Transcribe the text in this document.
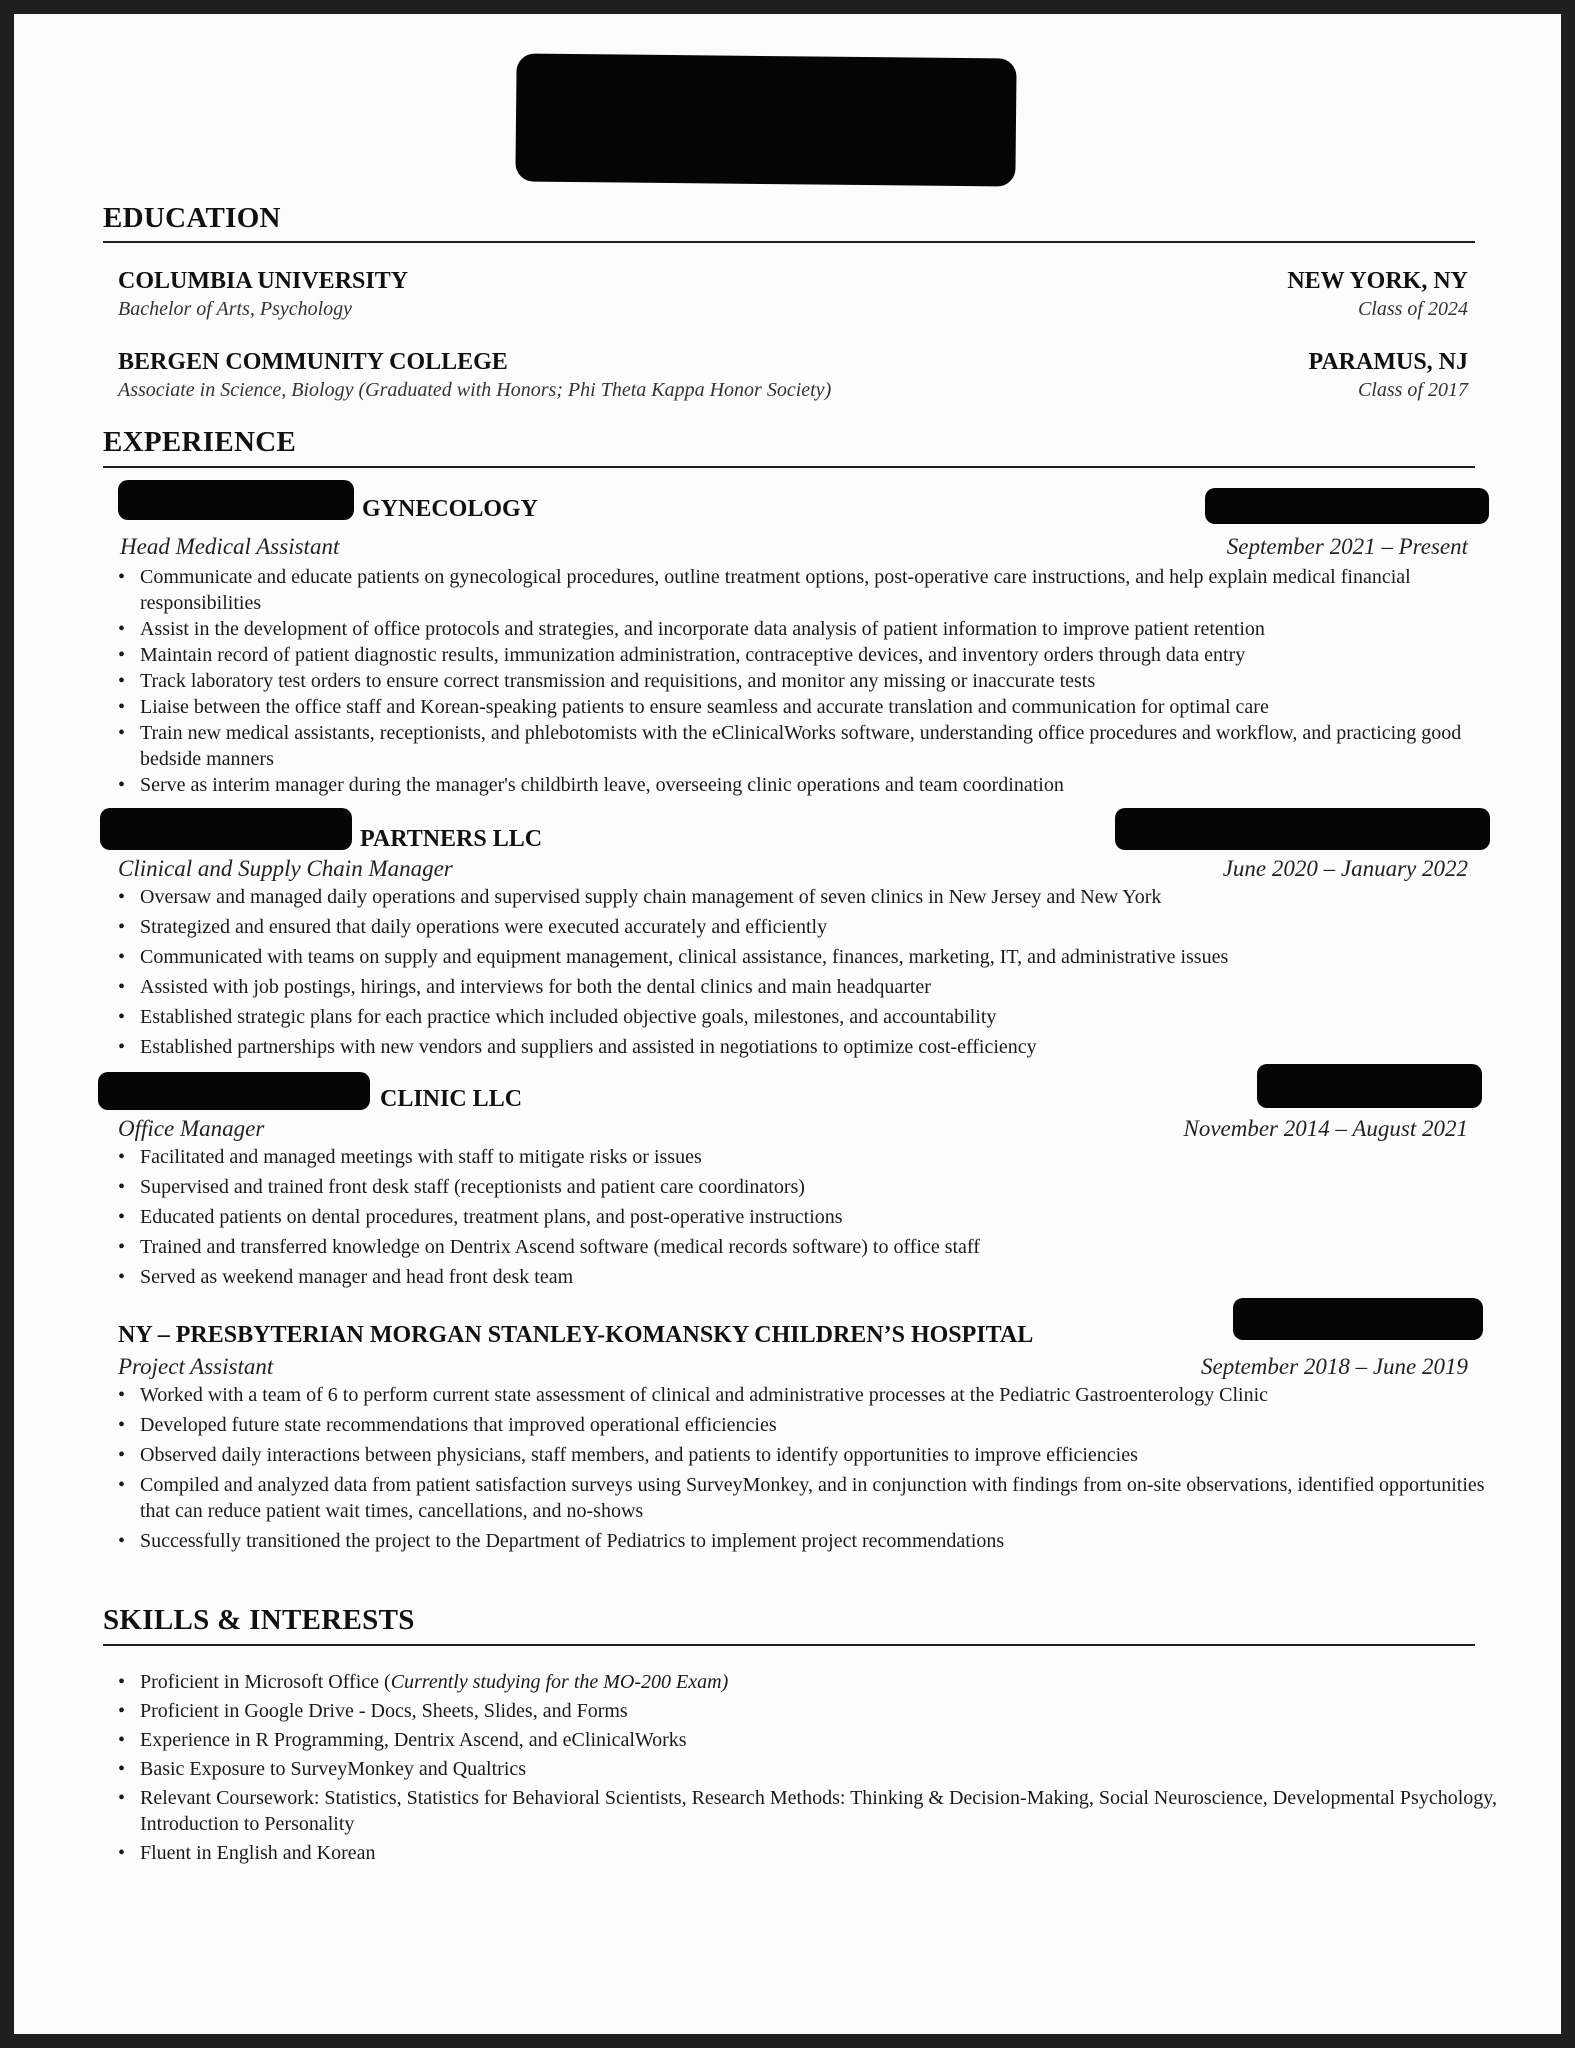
EDUCATION
COLUMBIA UNIVERSITY	NEW YORK, NY
Bachelor of Arts, Psychology	Class of 2024
BERGEN COMMUNITY COLLEGE	PARAMUS, NJ
Associate in Science, Biology (Graduated with Honors; Phi Theta Kappa Honor Society)	Class of 2017
EXPERIENCE
GYNECOLOGY
Head Medical Assistant	September 2021 – Present
• Communicate and educate patients on gynecological procedures, outline treatment options, post-operative care instructions, and help explain medical financial responsibilities
• Assist in the development of office protocols and strategies, and incorporate data analysis of patient information to improve patient retention
• Maintain record of patient diagnostic results, immunization administration, contraceptive devices, and inventory orders through data entry
• Track laboratory test orders to ensure correct transmission and requisitions, and monitor any missing or inaccurate tests
• Liaise between the office staff and Korean-speaking patients to ensure seamless and accurate translation and communication for optimal care
• Train new medical assistants, receptionists, and phlebotomists with the eClinicalWorks software, understanding office procedures and workflow, and practicing good bedside manners
• Serve as interim manager during the manager's childbirth leave, overseeing clinic operations and team coordination
PARTNERS LLC
Clinical and Supply Chain Manager	June 2020 – January 2022
• Oversaw and managed daily operations and supervised supply chain management of seven clinics in New Jersey and New York
• Strategized and ensured that daily operations were executed accurately and efficiently
• Communicated with teams on supply and equipment management, clinical assistance, finances, marketing, IT, and administrative issues
• Assisted with job postings, hirings, and interviews for both the dental clinics and main headquarter
• Established strategic plans for each practice which included objective goals, milestones, and accountability
• Established partnerships with new vendors and suppliers and assisted in negotiations to optimize cost-efficiency
CLINIC LLC
Office Manager	November 2014 – August 2021
• Facilitated and managed meetings with staff to mitigate risks or issues
• Supervised and trained front desk staff (receptionists and patient care coordinators)
• Educated patients on dental procedures, treatment plans, and post-operative instructions
• Trained and transferred knowledge on Dentrix Ascend software (medical records software) to office staff
• Served as weekend manager and head front desk team
NY – PRESBYTERIAN MORGAN STANLEY-KOMANSKY CHILDREN’S HOSPITAL
Project Assistant	September 2018 – June 2019
• Worked with a team of 6 to perform current state assessment of clinical and administrative processes at the Pediatric Gastroenterology Clinic
• Developed future state recommendations that improved operational efficiencies
• Observed daily interactions between physicians, staff members, and patients to identify opportunities to improve efficiencies
• Compiled and analyzed data from patient satisfaction surveys using SurveyMonkey, and in conjunction with findings from on-site observations, identified opportunities that can reduce patient wait times, cancellations, and no-shows
• Successfully transitioned the project to the Department of Pediatrics to implement project recommendations
SKILLS & INTERESTS
• Proficient in Microsoft Office (Currently studying for the MO-200 Exam)
• Proficient in Google Drive - Docs, Sheets, Slides, and Forms
• Experience in R Programming, Dentrix Ascend, and eClinicalWorks
• Basic Exposure to SurveyMonkey and Qualtrics
• Relevant Coursework: Statistics, Statistics for Behavioral Scientists, Research Methods: Thinking & Decision-Making, Social Neuroscience, Developmental Psychology, Introduction to Personality
• Fluent in English and Korean
